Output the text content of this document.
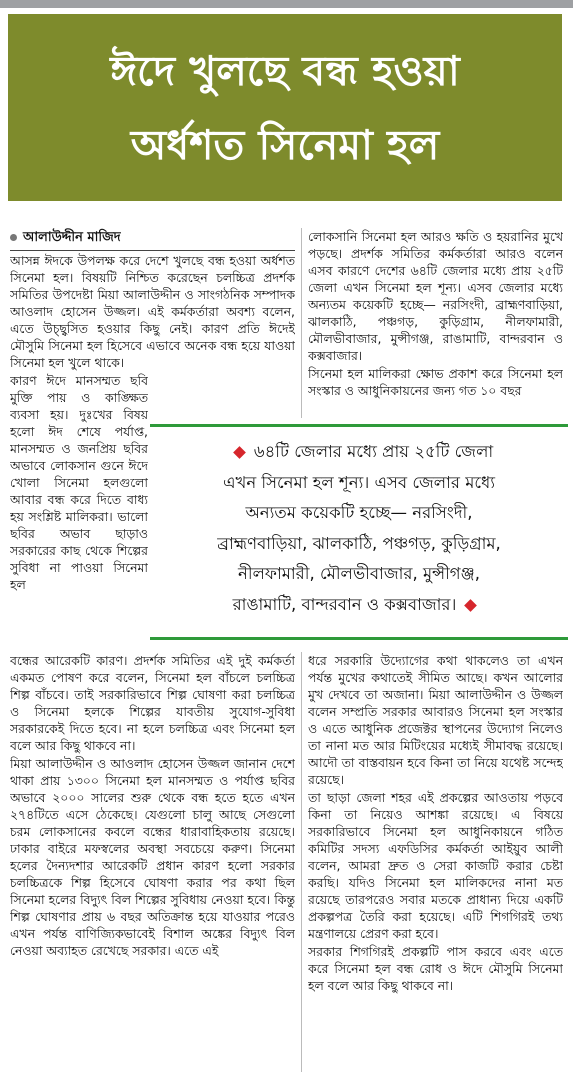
ঈদে খুলছে বন্ধ হওয়া
অর্ধশত সিনেমা হল
আলাউদ্দীন মাজিদ

আসন্ন ঈদকে উপলক্ষ করে দেশে খুলছে বন্ধ হওয়া অর্ধশত সিনেমা হল। বিষয়টি নিশ্চিত করেছেন চলচ্চিত্র প্রদর্শক সমিতির উপদেষ্টা মিয়া আলাউদ্দীন ও সাংগঠনিক সম্পাদক আওলাদ হোসেন উজ্জল। এই কর্মকর্তারা অবশ্য বলেন, এতে উচ্ছ্বসিত হওয়ার কিছু নেই। কারণ প্রতি ঈদেই মৌসুমি সিনেমা হল হিসেবে এভাবে অনেক বন্ধ হয়ে যাওয়া সিনেমা হল খুলে থাকে।

কারণ ঈদে মানসম্মত ছবি মুক্তি পায় ও কাঙ্ক্ষিত ব্যবসা হয়। দুঃখের বিষয় হলো ঈদ শেষে পর্যাপ্ত, মানসম্মত ও জনপ্রিয় ছবির অভাবে লোকসান গুনে ঈদে খোলা সিনেমা হলগুলো আবার বন্ধ করে দিতে বাধ্য হয় সংশ্লিষ্ট মালিকরা। ভালো ছবির অভাব ছাড়াও সরকারের কাছ থেকে শিল্পের সুবিধা না পাওয়া সিনেমা হল

লোকসানি সিনেমা হল আরও ক্ষতি ও হয়রানির মুখে পড়ছে। প্রদর্শক সমিতির কর্মকর্তারা আরও বলেন এসব কারণে দেশের ৬৪টি জেলার মধ্যে প্রায় ২৫টি জেলা এখন সিনেমা হল শূন্য। এসব জেলার মধ্যে অন্যতম কয়েকটি হচ্ছে— নরসিংদী, ব্রাহ্মণবাড়িয়া, ঝালকাঠি, পঞ্চগড়, কুড়িগ্রাম, নীলফামারী, মৌলভীবাজার, মুন্সীগঞ্জ, রাঙামাটি, বান্দরবান ও কক্সবাজার।

সিনেমা হল মালিকরা ক্ষোভ প্রকাশ করে সিনেমা হল সংস্কার ও আধুনিকায়নের জন্য গত ১০ বছর

৬৪টি জেলার মধ্যে প্রায় ২৫টি জেলা
এখন সিনেমা হল শূন্য। এসব জেলার মধ্যে
অন্যতম কয়েকটি হচ্ছে— নরসিংদী,
ব্রাহ্মণবাড়িয়া, ঝালকাঠি, পঞ্চগড়, কুড়িগ্রাম,
নীলফামারী, মৌলভীবাজার, মুন্সীগঞ্জ,
রাঙামাটি, বান্দরবান ও কক্সবাজার।

বন্ধের আরেকটি কারণ। প্রদর্শক সমিতির এই দুই কর্মকর্তা একমত পোষণ করে বলেন, সিনেমা হল বাঁচলে চলচ্চিত্র শিল্প বাঁচবে। তাই সরকারিভাবে শিল্প ঘোষণা করা চলচ্চিত্র ও সিনেমা হলকে শিল্পের যাবতীয় সুযোগ-সুবিধা সরকারকেই দিতে হবে। না হলে চলচ্চিত্র এবং সিনেমা হল বলে আর কিছু থাকবে না।

মিয়া আলাউদ্দীন ও আওলাদ হোসেন উজ্জল জানান দেশে থাকা প্রায় ১৩০০ সিনেমা হল মানসম্মত ও পর্যাপ্ত ছবির অভাবে ২০০০ সালের শুরু থেকে বন্ধ হতে হতে এখন ২৭৪টিতে এসে ঠেকেছে। যেগুলো চালু আছে সেগুলো চরম লোকসানের কবলে বন্ধের ধারাবাহিকতায় রয়েছে। ঢাকার বাইরে মফস্বলের অবস্থা সবচেয়ে করুণ। সিনেমা হলের দৈন্যদশার আরেকটি প্রধান কারণ হলো সরকার চলচ্চিত্রকে শিল্প হিসেবে ঘোষণা করার পর কথা ছিল সিনেমা হলের বিদ্যুৎ বিল শিল্পের সুবিধায় নেওয়া হবে। কিন্তু শিল্প ঘোষণার প্রায় ৬ বছর অতিক্রান্ত হয়ে যাওয়ার পরেও এখন পর্যন্ত বাণিজ্যিকভাবেই বিশাল অঙ্কের বিদ্যুৎ বিল নেওয়া অব্যাহত রেখেছে সরকার। এতে এই

ধরে সরকারি উদ্যোগের কথা থাকলেও তা এখন পর্যন্ত মুখের কথাতেই সীমিত আছে। কখন আলোর মুখ দেখবে তা অজানা। মিয়া আলাউদ্দীন ও উজ্জল বলেন সম্প্রতি সরকার আবারও সিনেমা হল সংস্কার ও এতে আধুনিক প্রজেক্টর স্থাপনের উদ্যোগ নিলেও তা নানা মত আর মিটিংয়ের মধ্যেই সীমাবদ্ধ রয়েছে। আদৌ তা বাস্তবায়ন হবে কিনা তা নিয়ে যথেষ্ট সন্দেহ রয়েছে।

তা ছাড়া জেলা শহর এই প্রকল্পের আওতায় পড়বে কিনা তা নিয়েও আশঙ্কা রয়েছে। এ বিষয়ে সরকারিভাবে সিনেমা হল আধুনিকায়নে গঠিত কমিটির সদস্য এফডিসির কর্মকর্তা আইয়ুব আলী বলেন, আমরা দ্রুত ও সেরা কাজটি করার চেষ্টা করছি। যদিও সিনেমা হল মালিকদের নানা মত রয়েছে তারপরেও সবার মতকে প্রাধান্য দিয়ে একটি প্রকল্পপত্র তৈরি করা হয়েছে। এটি শিগগিরই তথ্য মন্ত্রণালয়ে প্রেরণ করা হবে।

সরকার শিগগিরই প্রকল্পটি পাস করবে এবং এতে করে সিনেমা হল বন্ধ রোধ ও ঈদে মৌসুমি সিনেমা হল বলে আর কিছু থাকবে না।
